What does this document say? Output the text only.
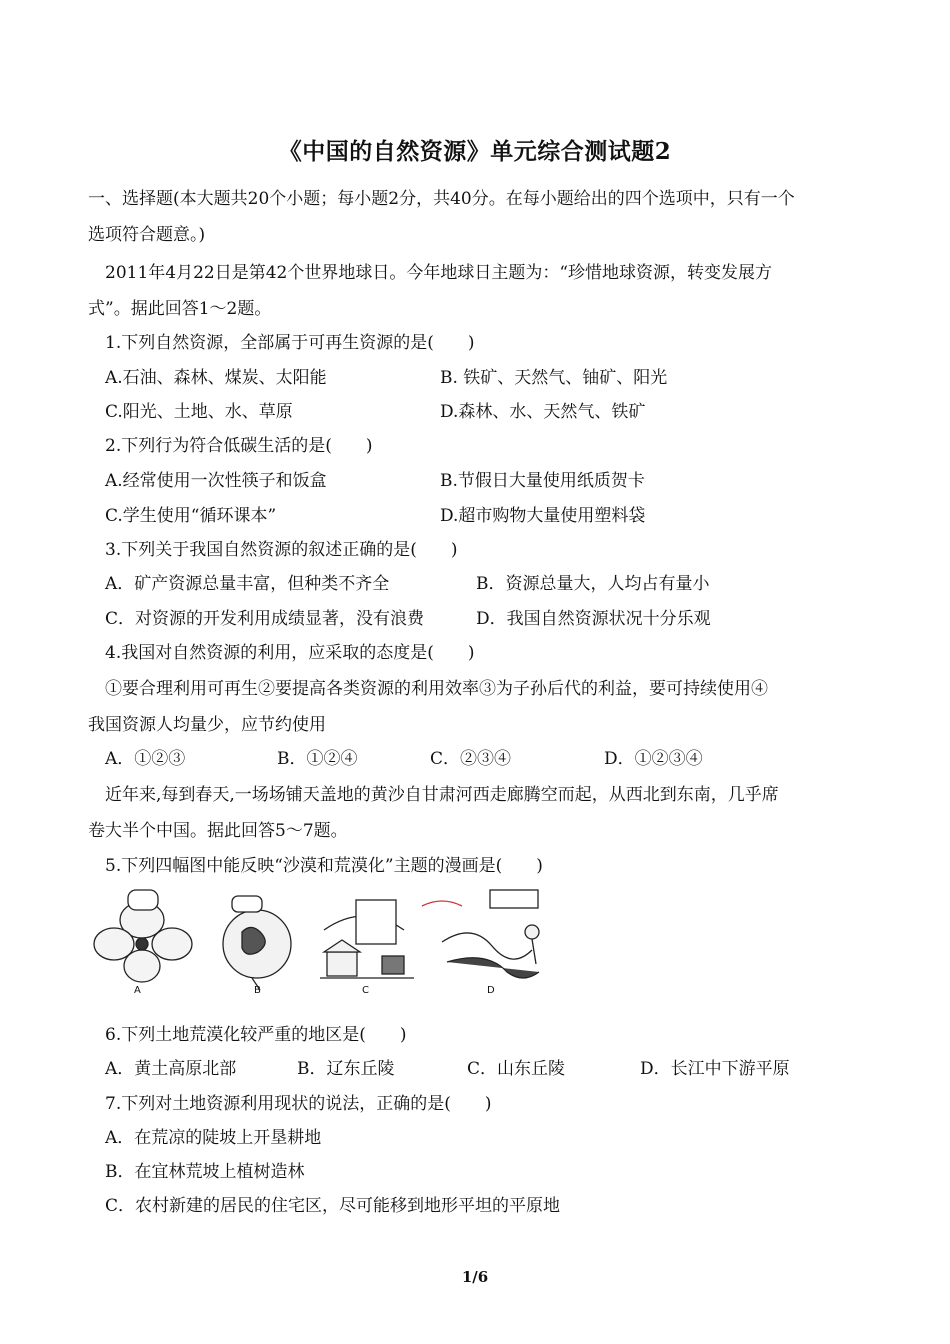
《中国的自然资源》单元综合测试题2
一、选择题(本大题共20个小题；每小题2分，共40分。在每小题给出的四个选项中，只有一个
选项符合题意。)
2011年4月22日是第42个世界地球日。今年地球日主题为：“珍惜地球资源，转变发展方
式”。据此回答1～2题。
1.下列自然资源，全部属于可再生资源的是(　　)
A.石油、森林、煤炭、太阳能	B. 铁矿、天然气、铀矿、阳光
C.阳光、土地、水、草原	D.森林、水、天然气、铁矿
2.下列行为符合低碳生活的是(　　)
A.经常使用一次性筷子和饭盒	B.节假日大量使用纸质贺卡
C.学生使用“循环课本”	D.超市购物大量使用塑料袋
3.下列关于我国自然资源的叙述正确的是(　　)
A．矿产资源总量丰富，但种类不齐全	B．资源总量大，人均占有量小
C．对资源的开发利用成绩显著，没有浪费	D．我国自然资源状况十分乐观
4.我国对自然资源的利用，应采取的态度是(　　)
①要合理利用可再生②要提高各类资源的利用效率③为子孙后代的利益，要可持续使用④
我国资源人均量少，应节约使用
A．①②③	B．①②④	C．②③④	D．①②③④
近年来,每到春天,一场场铺天盖地的黄沙自甘肃河西走廊腾空而起，从西北到东南，几乎席
卷大半个中国。据此回答5～7题。
5.下列四幅图中能反映“沙漠和荒漠化”主题的漫画是(　　)
A	B	C	D
6.下列土地荒漠化较严重的地区是(　　)
A．黄土高原北部	B．辽东丘陵	C．山东丘陵	D．长江中下游平原
7.下列对土地资源利用现状的说法，正确的是(　　)
A．在荒凉的陡坡上开垦耕地
B．在宜林荒坡上植树造林
C．农村新建的居民的住宅区，尽可能移到地形平坦的平原地
1/6
